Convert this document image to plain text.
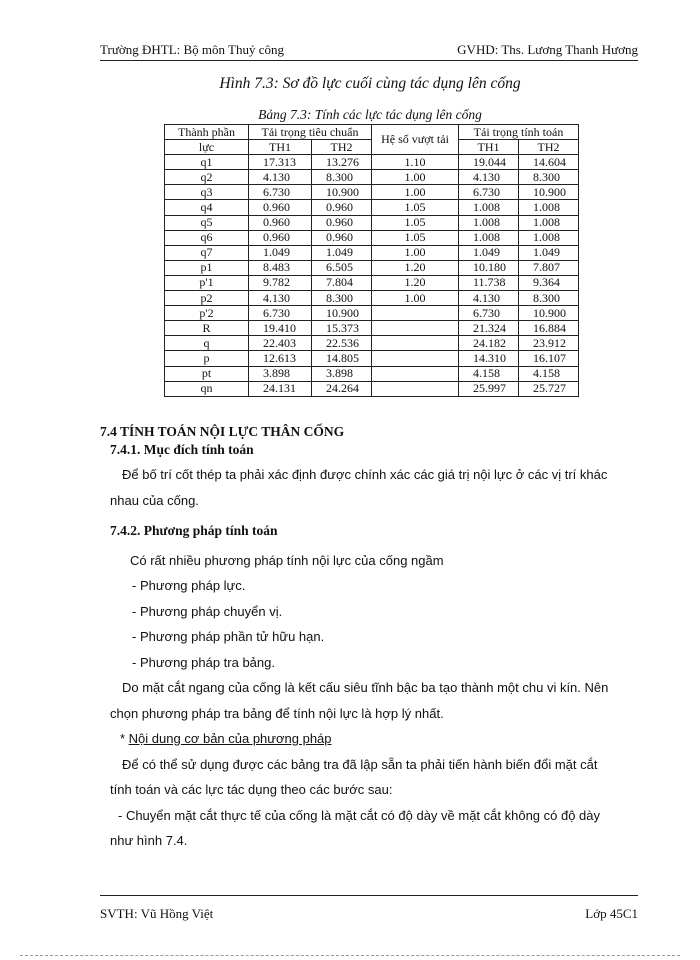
Trường ĐHTL: Bộ môn Thuỷ công	GVHD: Ths. Lương Thanh Hương
Hình 7.3: Sơ đồ lực cuối cùng tác dụng lên cống
Bảng 7.3: Tính các lực tác dụng lên cống
Thành phần	Tải trọng tiêu chuẩn		Hệ số vượt tải	Tải trọng tính toán	
lực	TH1	TH2		TH1	TH2
q1	17.313	13.276	1.10	19.044	14.604
q2	4.130	8.300	1.00	4.130	8.300
q3	6.730	10.900	1.00	6.730	10.900
q4	0.960	0.960	1.05	1.008	1.008
q5	0.960	0.960	1.05	1.008	1.008
q6	0.960	0.960	1.05	1.008	1.008
q7	1.049	1.049	1.00	1.049	1.049
p1	8.483	6.505	1.20	10.180	7.807
p'1	9.782	7.804	1.20	11.738	9.364
p2	4.130	8.300	1.00	4.130	8.300
p'2	6.730	10.900		6.730	10.900
R	19.410	15.373		21.324	16.884
q	22.403	22.536		24.182	23.912
p	12.613	14.805		14.310	16.107
pt	3.898	3.898		4.158	4.158
qn	24.131	24.264		25.997	25.727
7.4 TÍNH TOÁN NỘI LỰC THÂN CỐNG
7.4.1. Mục đích tính toán
Để bố trí cốt thép ta phải xác định được chính xác các giá trị nội lực ở các vị trí khác
nhau của cống.
7.4.2. Phương pháp tính toán
Có rất nhiều phương pháp tính nội lực của cống ngầm
- Phương pháp lực.
- Phương pháp chuyển vị.
- Phương pháp phần tử hữu hạn.
- Phương pháp tra bảng.
Do mặt cắt ngang của cống là kết cấu siêu tĩnh bậc ba tạo thành một chu vi kín. Nên
chọn phương pháp tra bảng để tính nội lực là hợp lý nhất.
* Nội dung cơ bản của phương pháp
Để có thể sử dụng được các bảng tra đã lập sẵn ta phải tiến hành biến đổi mặt cắt
tính toán và các lực tác dụng theo các bước sau:
- Chuyển mặt cắt thực tế của cống là mặt cắt có độ dày về mặt cắt không có độ dày
như hình 7.4.
SVTH: Vũ Hồng Việt	Lớp 45C1
